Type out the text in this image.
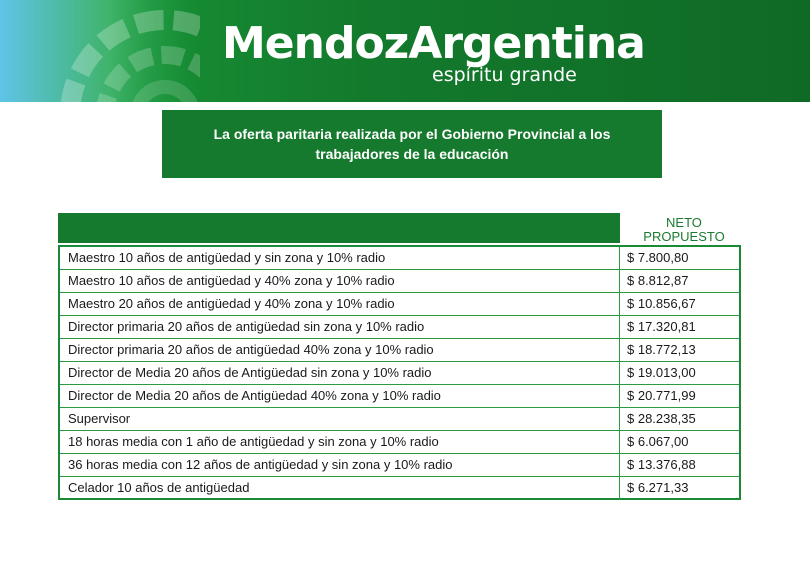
MendozArgentina
espíritu grande
La oferta paritaria realizada por el Gobierno Provincial a los trabajadores de la educación
NETO
PROPUESTO
Maestro 10 años de antigüedad y sin zona y 10% radio	$ 7.800,80
Maestro 10 años de antigüedad y 40% zona y 10% radio	$ 8.812,87
Maestro 20 años de antigüedad y 40% zona y 10% radio	$ 10.856,67
Director primaria 20 años de antigüedad sin zona y 10% radio	$ 17.320,81
Director primaria 20 años de antigüedad 40% zona y 10% radio	$ 18.772,13
Director de Media 20 años de Antigüedad sin zona y 10% radio	$ 19.013,00
Director de Media 20 años de Antigüedad 40% zona y 10% radio	$ 20.771,99
Supervisor	$ 28.238,35
18 horas media con 1 año de antigüedad y sin zona y 10% radio	$ 6.067,00
36 horas media con 12 años de antigüedad y sin zona y 10% radio	$ 13.376,88
Celador 10 años de antigüedad	$ 6.271,33
